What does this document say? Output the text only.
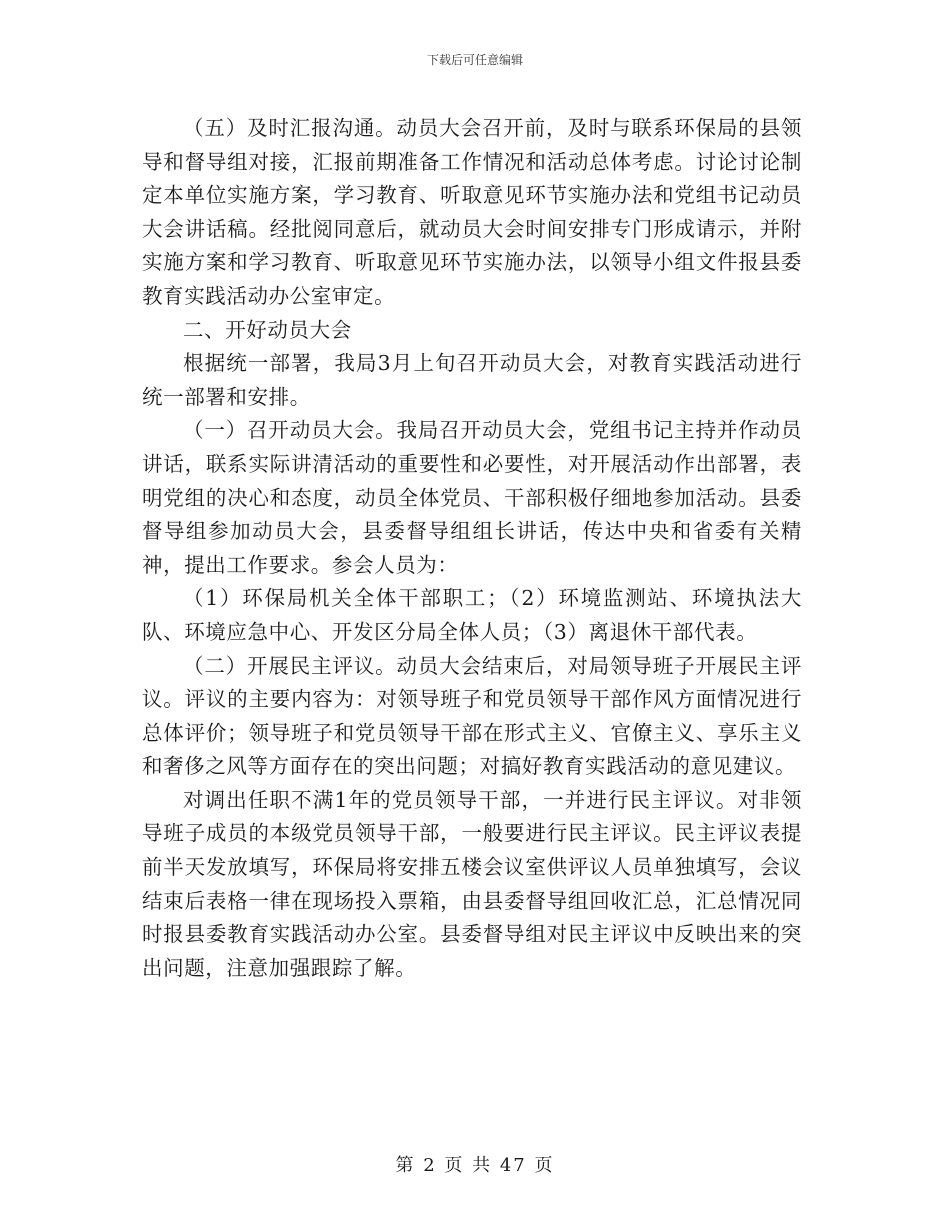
下载后可任意编辑

（五）及时汇报沟通。动员大会召开前，及时与联系环保局的县领导和督导组对接，汇报前期准备工作情况和活动总体考虑。讨论讨论制定本单位实施方案，学习教育、听取意见环节实施办法和党组书记动员大会讲话稿。经批阅同意后，就动员大会时间安排专门形成请示，并附实施方案和学习教育、听取意见环节实施办法，以领导小组文件报县委教育实践活动办公室审定。

二、开好动员大会

根据统一部署，我局3月上旬召开动员大会，对教育实践活动进行统一部署和安排。

（一）召开动员大会。我局召开动员大会，党组书记主持并作动员讲话，联系实际讲清活动的重要性和必要性，对开展活动作出部署，表明党组的决心和态度，动员全体党员、干部积极仔细地参加活动。县委督导组参加动员大会，县委督导组组长讲话，传达中央和省委有关精神，提出工作要求。参会人员为：

（1）环保局机关全体干部职工；（2）环境监测站、环境执法大队、环境应急中心、开发区分局全体人员；（3）离退休干部代表。

（二）开展民主评议。动员大会结束后，对局领导班子开展民主评议。评议的主要内容为：对领导班子和党员领导干部作风方面情况进行总体评价；领导班子和党员领导干部在形式主义、官僚主义、享乐主义和奢侈之风等方面存在的突出问题；对搞好教育实践活动的意见建议。

对调出任职不满1年的党员领导干部，一并进行民主评议。对非领导班子成员的本级党员领导干部，一般要进行民主评议。民主评议表提前半天发放填写，环保局将安排五楼会议室供评议人员单独填写，会议结束后表格一律在现场投入票箱，由县委督导组回收汇总，汇总情况同时报县委教育实践活动办公室。县委督导组对民主评议中反映出来的突出问题，注意加强跟踪了解。

第 2 页 共 47 页
